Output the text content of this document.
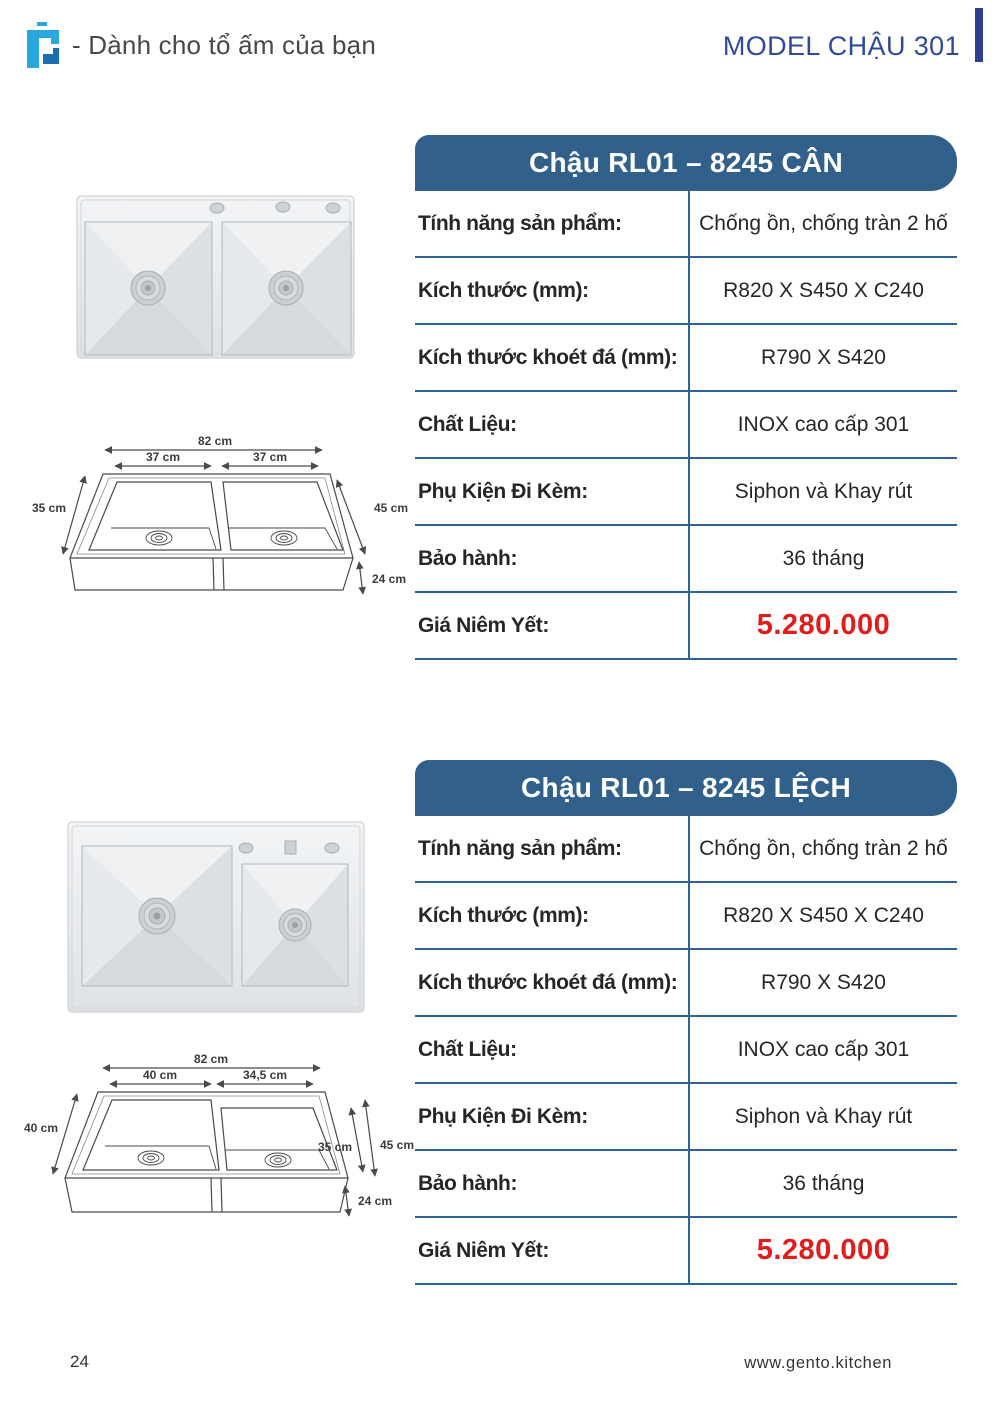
- Dành cho tổ ấm của bạn	MODEL CHẬU 301
82 cm
37 cm	37 cm
35 cm	45 cm
24 cm
Chậu RL01 – 8245 CÂN
Tính năng sản phẩm:	Chống ồn, chống tràn 2 hố
Kích thước (mm):	R820 X S450 X C240
Kích thước khoét đá (mm):	R790 X S420
Chất Liệu:	INOX cao cấp 301
Phụ Kiện Đi Kèm:	Siphon và Khay rút
Bảo hành:	36 tháng
Giá Niêm Yết:	5.280.000
82 cm
40 cm	34,5 cm
40 cm
35 cm 45 cm
24 cm
Chậu RL01 – 8245 LỆCH
Tính năng sản phẩm:	Chống ồn, chống tràn 2 hố
Kích thước (mm):	R820 X S450 X C240
Kích thước khoét đá (mm):	R790 X S420
Chất Liệu:	INOX cao cấp 301
Phụ Kiện Đi Kèm:	Siphon và Khay rút
Bảo hành:	36 tháng
Giá Niêm Yết:	5.280.000
24	www.gento.kitchen
